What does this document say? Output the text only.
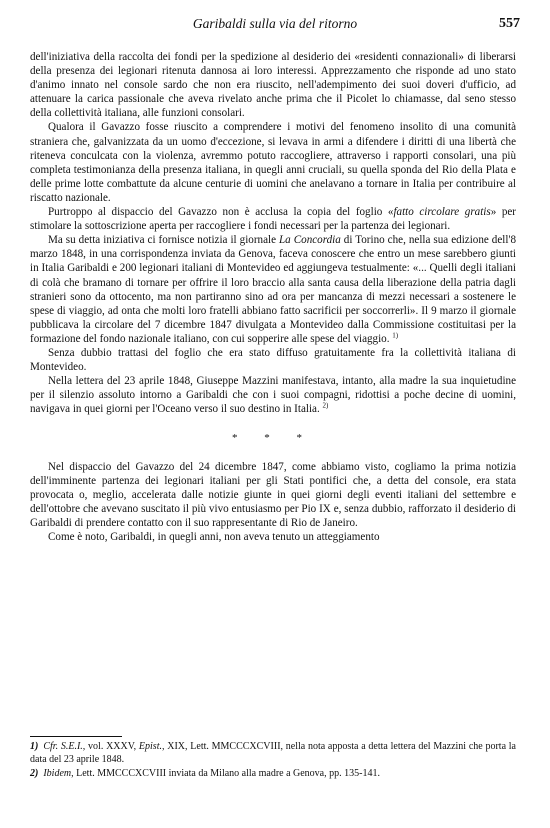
Garibaldi sulla via del ritorno	557

dell'iniziativa della raccolta dei fondi per la spedizione al desiderio dei «residenti connazionali» di liberarsi della presenza dei legionari ritenuta dannosa ai loro interessi. Apprezzamento che risponde ad uno stato d'animo innato nel console sardo che non era riuscito, nell'adempimento dei suoi doveri d'ufficio, ad attenuare la carica passionale che aveva rivelato anche prima che il Picolet lo chiamasse, dal seno stesso della collettività italiana, alle funzioni consolari.

Qualora il Gavazzo fosse riuscito a comprendere i motivi del fenomeno insolito di una comunità straniera che, galvanizzata da un uomo d'eccezione, si levava in armi a difendere i diritti di una libertà che riteneva conculcata con la violenza, avremmo potuto raccogliere, attraverso i rapporti consolari, una più completa testimonianza della presenza italiana, in quegli anni cruciali, su quella sponda del Rio della Plata e delle prime lotte combattute da alcune centurie di uomini che anelavano a tornare in Italia per contribuire al riscatto nazionale.

Purtroppo al dispaccio del Gavazzo non è acclusa la copia del foglio «fatto circolare gratis» per stimolare la sottoscrizione aperta per raccogliere i fondi necessari per la partenza dei legionari.

Ma su detta iniziativa ci fornisce notizia il giornale La Concordia di Torino che, nella sua edizione dell'8 marzo 1848, in una corrispondenza inviata da Genova, faceva conoscere che entro un mese sarebbero giunti in Italia Garibaldi e 200 legionari italiani di Montevideo ed aggiungeva testualmente: «... Quelli degli italiani di colà che bramano di tornare per offrire il loro braccio alla santa causa della liberazione della patria dagli stranieri sono da ottocento, ma non partiranno sino ad ora per mancanza di mezzi necessari a sostenere le spese di viaggio, ad onta che molti loro fratelli abbiano fatto sacrificii per soccorrerli». Il 9 marzo il giornale pubblicava la circolare del 7 dicembre 1847 divulgata a Montevideo dalla Commissione costituitasi per la formazione del fondo nazionale italiano, con cui sopperire alle spese del viaggio. $^{1)}$

Senza dubbio trattasi del foglio che era stato diffuso gratuitamente fra la collettività italiana di Montevideo.

Nella lettera del 23 aprile 1848, Giuseppe Mazzini manifestava, intanto, alla madre la sua inquietudine per il silenzio assoluto intorno a Garibaldi che con i suoi compagni, ridottisi a poche decine di uomini, navigava in quei giorni per l'Oceano verso il suo destino in Italia. $^{2)}$

* * *

Nel dispaccio del Gavazzo del 24 dicembre 1847, come abbiamo visto, cogliamo la prima notizia dell'imminente partenza dei legionari italiani per gli Stati pontifici che, a detta del console, era stata provocata o, meglio, accelerata dalle notizie giunte in quei giorni degli eventi italiani del settembre e dell'ottobre che avevano suscitato il più vivo entusiasmo per Pio IX e, senza dubbio, rafforzato il desiderio di Garibaldi di prendere contatto con il suo rappresentante di Rio de Janeiro.

Come è noto, Garibaldi, in quegli anni, non aveva tenuto un atteggiamento

1) Cfr. S.E.I., vol. XXXV, Epist., XIX, Lett. MMCCCXCVIII, nella nota apposta a detta lettera del Mazzini che porta la data del 23 aprile 1848.

2) Ibidem, Lett. MMCCCXCVIII inviata da Milano alla madre a Genova, pp. 135-141.
